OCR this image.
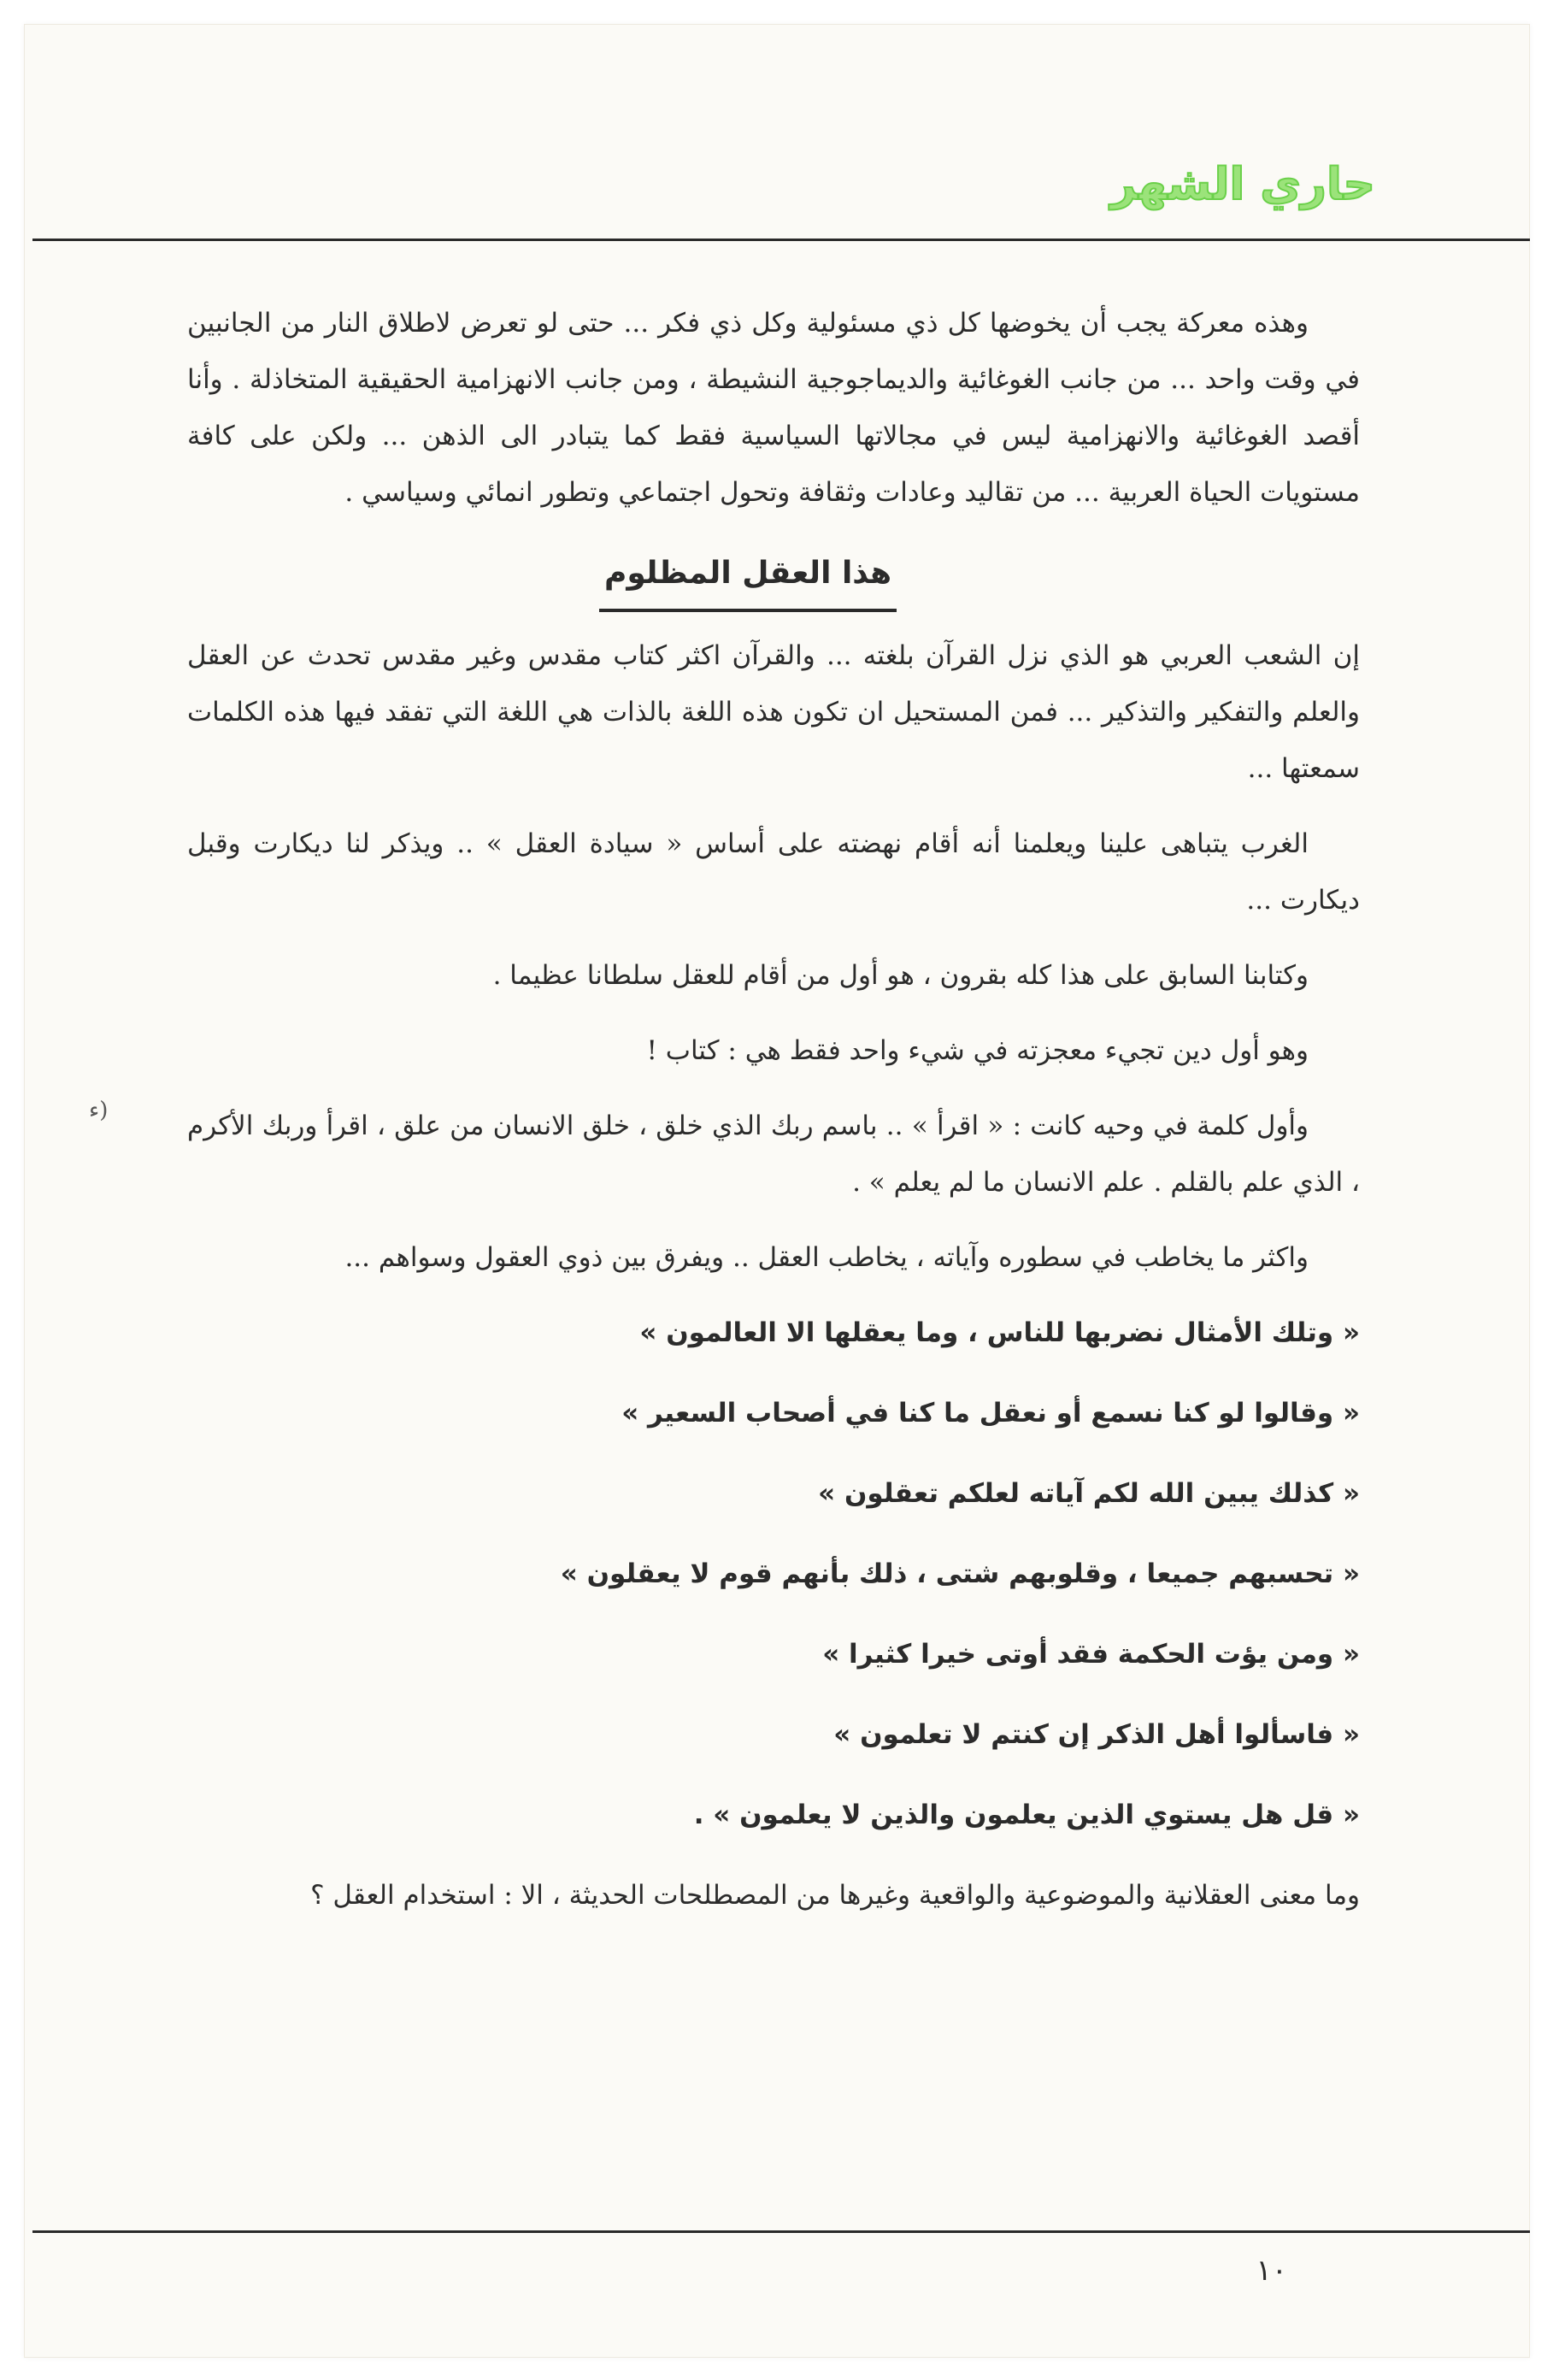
حاري الشهر
(ء

وهذه معركة يجب أن يخوضها كل ذي مسئولية وكل ذي فكر ... حتى لو تعرض لاطلاق النار من الجانبين في وقت واحد ... من جانب الغوغائية والديماجوجية النشيطة ، ومن جانب الانهزامية الحقيقية المتخاذلة . وأنا أقصد الغوغائية والانهزامية ليس في مجالاتها السياسية فقط كما يتبادر الى الذهن ... ولكن على كافة مستويات الحياة العربية ... من تقاليد وعادات وثقافة وتحول اجتماعي وتطور انمائي وسياسي .

هذا العقل المظلوم

إن الشعب العربي هو الذي نزل القرآن بلغته ... والقرآن اكثر كتاب مقدس وغير مقدس تحدث عن العقل والعلم والتفكير والتذكير ... فمن المستحيل ان تكون هذه اللغة بالذات هي اللغة التي تفقد فيها هذه الكلمات سمعتها ...

الغرب يتباهى علينا ويعلمنا أنه أقام نهضته على أساس « سيادة العقل » .. ويذكر لنا ديكارت وقبل ديكارت ...

وكتابنا السابق على هذا كله بقرون ، هو أول من أقام للعقل سلطانا عظيما .

وهو أول دين تجيء معجزته في شيء واحد فقط هي : كتاب !

وأول كلمة في وحيه كانت : « اقرأ » .. باسم ربك الذي خلق ، خلق الانسان من علق ، اقرأ وربك الأكرم ، الذي علم بالقلم . علم الانسان ما لم يعلم » .

واكثر ما يخاطب في سطوره وآياته ، يخاطب العقل .. ويفرق بين ذوي العقول وسواهم ...

« وتلك الأمثال نضربها للناس ، وما يعقلها الا العالمون »

« وقالوا لو كنا نسمع أو نعقل ما كنا في أصحاب السعير »

« كذلك يبين الله لكم آياته لعلكم تعقلون »

« تحسبهم جميعا ، وقلوبهم شتى ، ذلك بأنهم قوم لا يعقلون »

« ومن يؤت الحكمة فقد أوتى خيرا كثيرا »

« فاسألوا أهل الذكر إن كنتم لا تعلمون »

« قل هل يستوي الذين يعلمون والذين لا يعلمون » .

وما معنى العقلانية والموضوعية والواقعية وغيرها من المصطلحات الحديثة ، الا : استخدام العقل ؟

١٠
